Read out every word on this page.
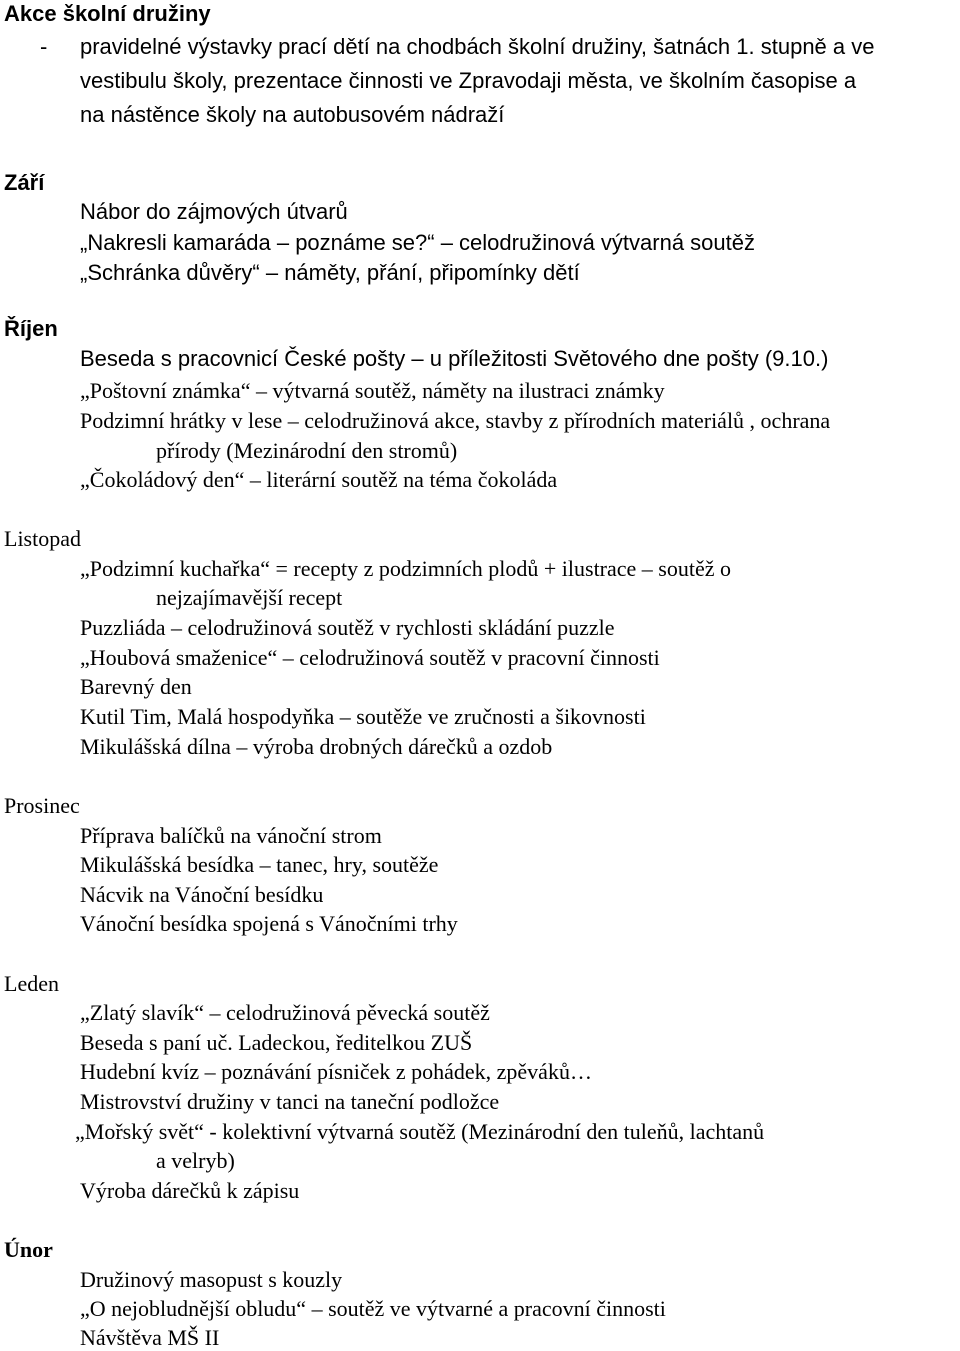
Akce školní družiny
- pravidelné výstavky prací dětí na chodbách školní družiny, šatnách 1. stupně a ve
vestibulu školy, prezentace činnosti ve Zpravodaji města, ve školním časopise a
na nástěnce školy na autobusovém nádraží
Září
Nábor do zájmových útvarů
„Nakresli kamaráda – poznáme se?“ – celodružinová výtvarná soutěž
„Schránka důvěry“ – náměty, přání, připomínky dětí
Říjen
Beseda s pracovnicí České pošty – u příležitosti Světového dne pošty (9.10.)
„Poštovní známka“ – výtvarná soutěž, náměty na ilustraci známky
Podzimní hrátky v lese – celodružinová akce, stavby z přírodních materiálů , ochrana
přírody (Mezinárodní den stromů)
„Čokoládový den“ – literární soutěž na téma čokoláda
Listopad
„Podzimní kuchařka“ = recepty z podzimních plodů + ilustrace – soutěž o
nejzajímavější recept
Puzzliáda – celodružinová soutěž v rychlosti skládání puzzle
„Houbová smaženice“ – celodružinová soutěž v pracovní činnosti
Barevný den
Kutil Tim, Malá hospodyňka – soutěže ve zručnosti a šikovnosti
Mikulášská dílna – výroba drobných dárečků a ozdob
Prosinec
Příprava balíčků na vánoční strom
Mikulášská besídka – tanec, hry, soutěže
Nácvik na Vánoční besídku
Vánoční besídka spojená s Vánočními trhy
Leden
„Zlatý slavík“ – celodružinová pěvecká soutěž
Beseda s paní uč. Ladeckou, ředitelkou ZUŠ
Hudební kvíz – poznávání písniček z pohádek, zpěváků…
Mistrovství družiny v tanci na taneční podložce
„Mořský svět“ - kolektivní výtvarná soutěž (Mezinárodní den tuleňů, lachtanů
a velryb)
Výroba dárečků k zápisu
Únor
Družinový masopust s kouzly
„O nejobludnější obludu“ – soutěž ve výtvarné a pracovní činnosti
Návštěva MŠ II
